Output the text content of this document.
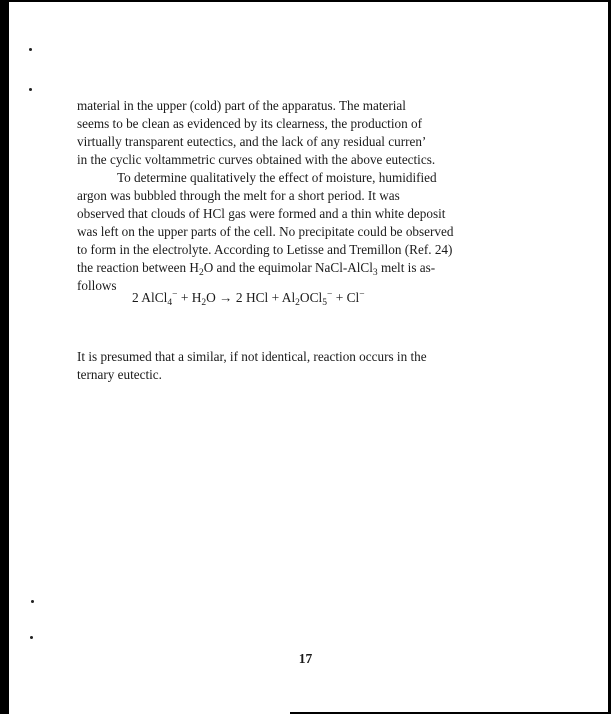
material in the upper (cold) part of the apparatus. The material
seems to be clean as evidenced by its clearness, the production of
virtually transparent eutectics, and the lack of any residual curren’
in the cyclic voltammetric curves obtained with the above eutectics.
To determine qualitatively the effect of moisture, humidified
argon was bubbled through the melt for a short period. It was
observed that clouds of HCl gas were formed and a thin white deposit
was left on the upper parts of the cell. No precipitate could be observed
to form in the electrolyte. According to Letisse and Tremillon (Ref. 24)
the reaction between $H_2O$ and the equimolar NaCl-AlCl$_3$ melt is as-
follows
2 AlCl$_4$− + $H_2O \to 2$ HCl + $Al_2OCl_5^- + Cl^-$
It is presumed that a similar, if not identical, reaction occurs in the
ternary eutectic.
17
